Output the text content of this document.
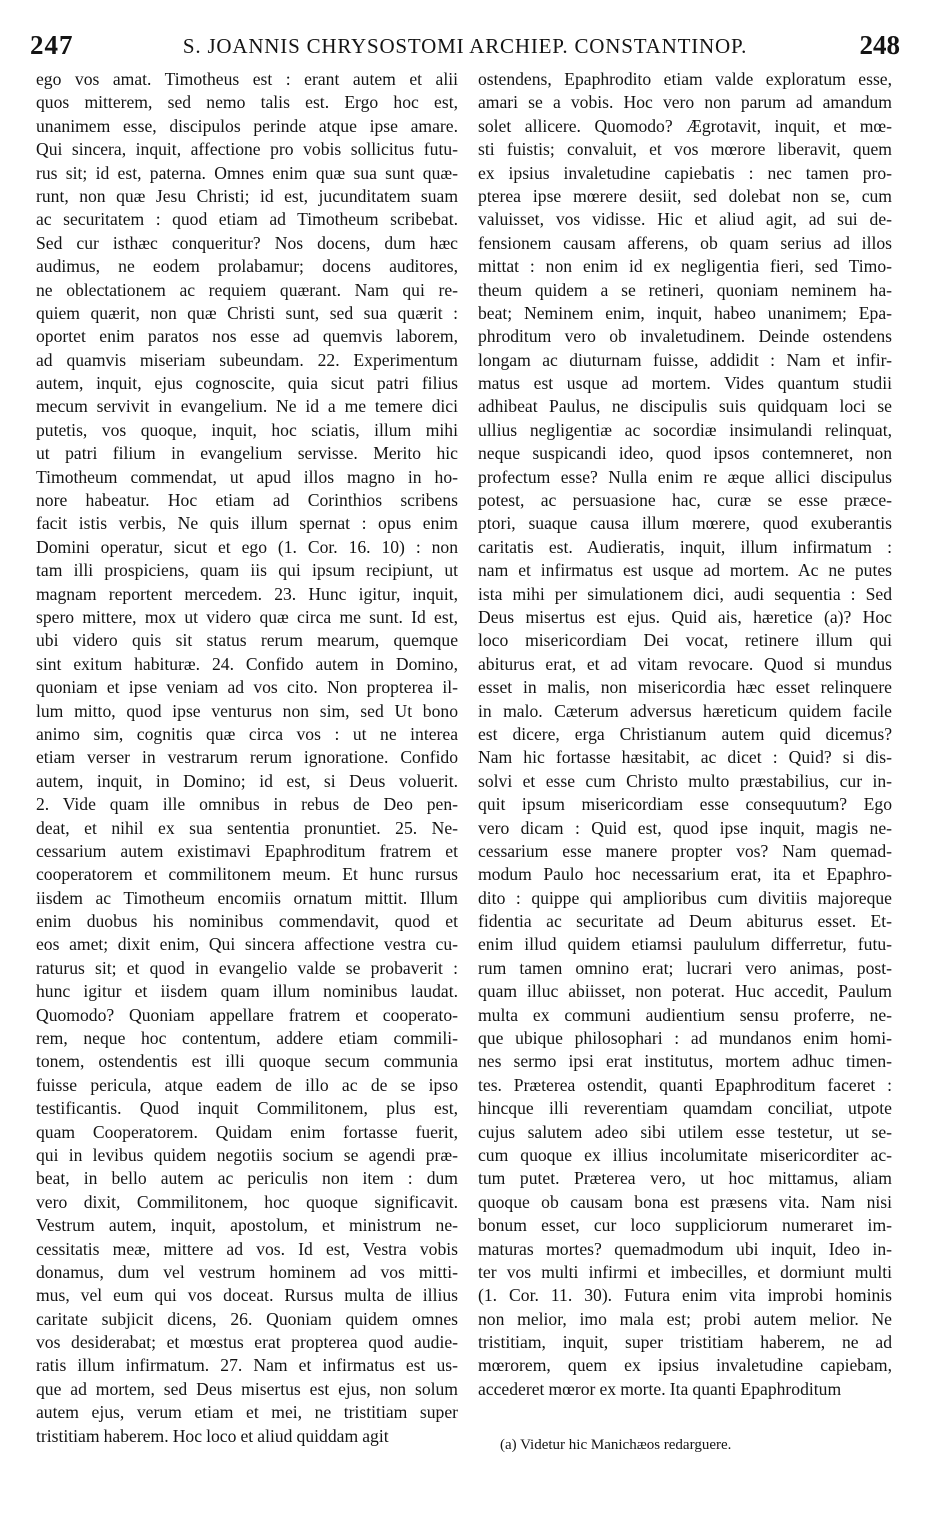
247	S. JOANNIS CHRYSOSTOMI ARCHIEP. CONSTANTINOP.	248
ego vos amat. Timotheus est : erant autem et alii
quos mitterem, sed nemo talis est. Ergo hoc est,
unanimem esse, discipulos perinde atque ipse amare.
Qui sincera, inquit, affectione pro vobis sollicitus futu-
rus sit; id est, paterna. Omnes enim quæ sua sunt quæ-
runt, non quæ Jesu Christi; id est, jucunditatem suam
ac securitatem : quod etiam ad Timotheum scribebat.
Sed cur isthæc conqueritur? Nos docens, dum hæc
audimus, ne eodem prolabamur; docens auditores,
ne oblectationem ac requiem quærant. Nam qui re-
quiem quærit, non quæ Christi sunt, sed sua quærit :
oportet enim paratos nos esse ad quemvis laborem,
ad quamvis miseriam subeundam. 22. Experimentum
autem, inquit, ejus cognoscite, quia sicut patri filius
mecum servivit in evangelium. Ne id a me temere dici
putetis, vos quoque, inquit, hoc sciatis, illum mihi
ut patri filium in evangelium servisse. Merito hic
Timotheum commendat, ut apud illos magno in ho-
nore habeatur. Hoc etiam ad Corinthios scribens
facit istis verbis, Ne quis illum spernat : opus enim
Domini operatur, sicut et ego (1. Cor. 16. 10) : non
tam illi prospiciens, quam iis qui ipsum recipiunt, ut
magnam reportent mercedem. 23. Hunc igitur, inquit,
spero mittere, mox ut videro quæ circa me sunt. Id est,
ubi videro quis sit status rerum mearum, quemque
sint exitum habituræ. 24. Confido autem in Domino,
quoniam et ipse veniam ad vos cito. Non propterea il-
lum mitto, quod ipse venturus non sim, sed Ut bono
animo sim, cognitis quæ circa vos : ut ne interea
etiam verser in vestrarum rerum ignoratione. Confido
autem, inquit, in Domino; id est, si Deus voluerit.
2. Vide quam ille omnibus in rebus de Deo pen-
deat, et nihil ex sua sententia pronuntiet. 25. Ne-
cessarium autem existimavi Epaphroditum fratrem et
cooperatorem et commilitonem meum. Et hunc rursus
iisdem ac Timotheum encomiis ornatum mittit. Illum
enim duobus his nominibus commendavit, quod et
eos amet; dixit enim, Qui sincera affectione vestra cu-
raturus sit; et quod in evangelio valde se probaverit :
hunc igitur et iisdem quam illum nominibus laudat.
Quomodo? Quoniam appellare fratrem et cooperato-
rem, neque hoc contentum, addere etiam commili-
tonem, ostendentis est illi quoque secum communia
fuisse pericula, atque eadem de illo ac de se ipso
testificantis. Quod inquit Commilitonem, plus est,
quam Cooperatorem. Quidam enim fortasse fuerit,
qui in levibus quidem negotiis socium se agendi præ-
beat, in bello autem ac periculis non item : dum
vero dixit, Commilitonem, hoc quoque significavit.
Vestrum autem, inquit, apostolum, et ministrum ne-
cessitatis meæ, mittere ad vos. Id est, Vestra vobis
donamus, dum vel vestrum hominem ad vos mitti-
mus, vel eum qui vos doceat. Rursus multa de illius
caritate subjicit dicens, 26. Quoniam quidem omnes
vos desiderabat; et mœstus erat propterea quod audie-
ratis illum infirmatum. 27. Nam et infirmatus est us-
que ad mortem, sed Deus misertus est ejus, non solum
autem ejus, verum etiam et mei, ne tristitiam super
tristitiam haberem. Hoc loco et aliud quiddam agit
ostendens, Epaphrodito etiam valde exploratum esse,
amari se a vobis. Hoc vero non parum ad amandum
solet allicere. Quomodo? Ægrotavit, inquit, et mœ-
sti fuistis; convaluit, et vos mœrore liberavit, quem
ex ipsius invaletudine capiebatis : nec tamen pro-
pterea ipse mœrere desiit, sed dolebat non se, cum
valuisset, vos vidisse. Hic et aliud agit, ad sui de-
fensionem causam afferens, ob quam serius ad illos
mittat : non enim id ex negligentia fieri, sed Timo-
theum quidem a se retineri, quoniam neminem ha-
beat; Neminem enim, inquit, habeo unanimem; Epa-
phroditum vero ob invaletudinem. Deinde ostendens
longam ac diuturnam fuisse, addidit : Nam et infir-
matus est usque ad mortem. Vides quantum studii
adhibeat Paulus, ne discipulis suis quidquam loci se
ullius negligentiæ ac socordiæ insimulandi relinquat,
neque suspicandi ideo, quod ipsos contemneret, non
profectum esse? Nulla enim re æque allici discipulus
potest, ac persuasione hac, curæ se esse præce-
ptori, suaque causa illum mœrere, quod exuberantis
caritatis est. Audieratis, inquit, illum infirmatum :
nam et infirmatus est usque ad mortem. Ac ne putes
ista mihi per simulationem dici, audi sequentia : Sed
Deus misertus est ejus. Quid ais, hæretice (a)? Hoc
loco misericordiam Dei vocat, retinere illum qui
abiturus erat, et ad vitam revocare. Quod si mundus
esset in malis, non misericordia hæc esset relinquere
in malo. Cæterum adversus hæreticum quidem facile
est dicere, erga Christianum autem quid dicemus?
Nam hic fortasse hæsitabit, ac dicet : Quid? si dis-
solvi et esse cum Christo multo præstabilius, cur in-
quit ipsum misericordiam esse consequutum? Ego
vero dicam : Quid est, quod ipse inquit, magis ne-
cessarium esse manere propter vos? Nam quemad-
modum Paulo hoc necessarium erat, ita et Epaphro-
dito : quippe qui amplioribus cum divitiis majoreque
fidentia ac securitate ad Deum abiturus esset. Et-
enim illud quidem etiamsi paululum differretur, futu-
rum tamen omnino erat; lucrari vero animas, post-
quam illuc abiisset, non poterat. Huc accedit, Paulum
multa ex communi audientium sensu proferre, ne-
que ubique philosophari : ad mundanos enim homi-
nes sermo ipsi erat institutus, mortem adhuc timen-
tes. Præterea ostendit, quanti Epaphroditum faceret :
hincque illi reverentiam quamdam conciliat, utpote
cujus salutem adeo sibi utilem esse testetur, ut se-
cum quoque ex illius incolumitate misericorditer ac-
tum putet. Præterea vero, ut hoc mittamus, aliam
quoque ob causam bona est præsens vita. Nam nisi
bonum esset, cur loco suppliciorum numeraret im-
maturas mortes? quemadmodum ubi inquit, Ideo in-
ter vos multi infirmi et imbecilles, et dormiunt multi
(1. Cor. 11. 30). Futura enim vita improbi hominis
non melior, imo mala est; probi autem melior. Ne
tristitiam, inquit, super tristitiam haberem, ne ad
mœrorem, quem ex ipsius invaletudine capiebam,
accederet mœror ex morte. Ita quanti Epaphroditum
(a) Videtur hic Manichæos redarguere.
